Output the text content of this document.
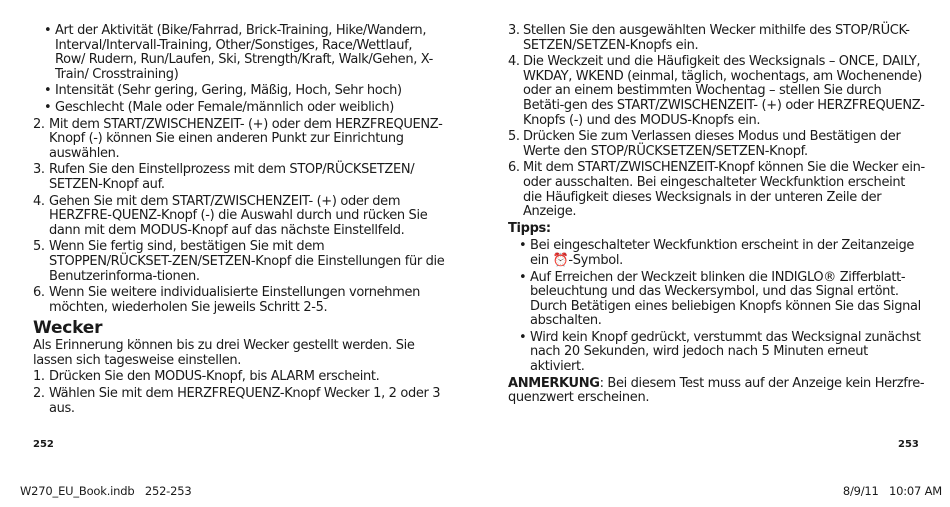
• Art der Aktivität (Bike/Fahrrad, Brick-Training, Hike/Wandern, Interval/Intervall-Training, Other/Sonstiges, Race/Wettlauf, Row/ Rudern, Run/Laufen, Ski, Strength/Kraft, Walk/Gehen, X-Train/ Crosstraining)
• Intensität (Sehr gering, Gering, Mäßig, Hoch, Sehr hoch)
• Geschlecht (Male oder Female/männlich oder weiblich)
2. Mit dem START/ZWISCHENZEIT- (+) oder dem HERZFREQUENZ-Knopf (-) können Sie einen anderen Punkt zur Einrichtung auswählen.
3. Rufen Sie den Einstellprozess mit dem STOP/RÜCKSETZEN/ SETZEN-Knopf auf.
4. Gehen Sie mit dem START/ZWISCHENZEIT- (+) oder dem HERZFRE-QUENZ-Knopf (-) die Auswahl durch und rücken Sie dann mit dem MODUS-Knopf auf das nächste Einstellfeld.
5. Wenn Sie fertig sind, bestätigen Sie mit dem STOPPEN/RÜCKSET-ZEN/SETZEN-Knopf die Einstellungen für die Benutzerinforma-tionen.
6. Wenn Sie weitere individualisierte Einstellungen vornehmen möchten, wiederholen Sie jeweils Schritt 2-5.
Wecker
Als Erinnerung können bis zu drei Wecker gestellt werden. Sie lassen sich tagesweise einstellen.
1. Drücken Sie den MODUS-Knopf, bis ALARM erscheint.
2. Wählen Sie mit dem HERZFREQUENZ-Knopf Wecker 1, 2 oder 3 aus.
252
3. Stellen Sie den ausgewählten Wecker mithilfe des STOP/RÜCK-SETZEN/SETZEN-Knopfs ein.
4. Die Weckzeit und die Häufigkeit des Wecksignals – ONCE, DAILY, WKDAY, WKEND (einmal, täglich, wochentags, am Wochenende) oder an einem bestimmten Wochentag – stellen Sie durch Betäti-gen des START/ZWISCHENZEIT- (+) oder HERZFREQUENZ-Knopfs (-) und des MODUS-Knopfs ein.
5. Drücken Sie zum Verlassen dieses Modus und Bestätigen der Werte den STOP/RÜCKSETZEN/SETZEN-Knopf.
6. Mit dem START/ZWISCHENZEIT-Knopf können Sie die Wecker ein- oder ausschalten. Bei eingeschalteter Weckfunktion erscheint die Häufigkeit dieses Wecksignals in der unteren Zeile der Anzeige.
Tipps:
• Bei eingeschalteter Weckfunktion erscheint in der Zeitanzeige ein ⏰-Symbol.
• Auf Erreichen der Weckzeit blinken die INDIGLO® Zifferblatt-beleuchtung und das Weckersymbol, und das Signal ertönt. Durch Betätigen eines beliebigen Knopfs können Sie das Signal abschalten.
• Wird kein Knopf gedrückt, verstummt das Wecksignal zunächst nach 20 Sekunden, wird jedoch nach 5 Minuten erneut aktiviert.
ANMERKUNG: Bei diesem Test muss auf der Anzeige kein Herzfre-quenzwert erscheinen.
253
W270_EU_Book.indb   252-253	8/9/11   10:07 AM
